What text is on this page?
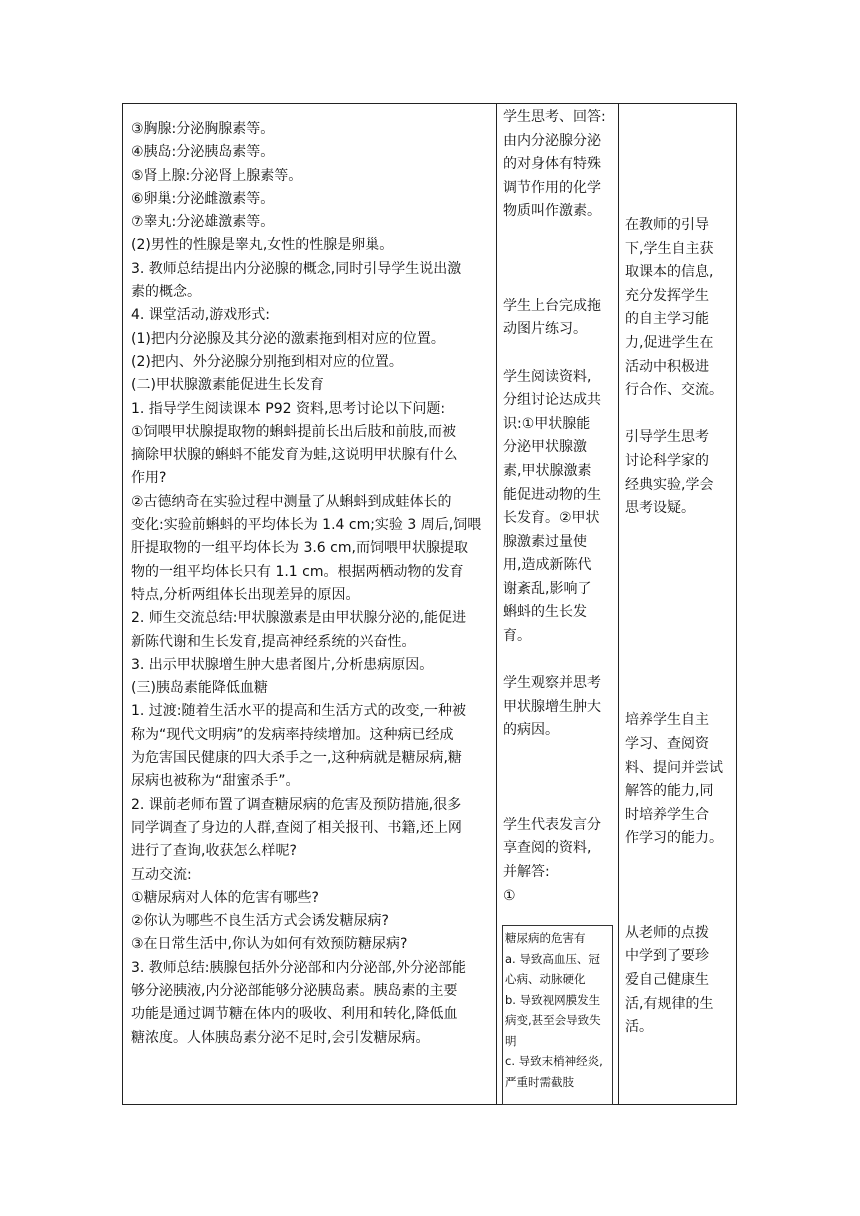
③胸腺:分泌胸腺素等。
④胰岛:分泌胰岛素等。
⑤肾上腺:分泌肾上腺素等。
⑥卵巢:分泌雌激素等。
⑦睾丸:分泌雄激素等。
(2)男性的性腺是睾丸,女性的性腺是卵巢。
3. 教师总结提出内分泌腺的概念,同时引导学生说出激
素的概念。
4. 课堂活动,游戏形式:
(1)把内分泌腺及其分泌的激素拖到相对应的位置。
(2)把内、外分泌腺分别拖到相对应的位置。
(二)甲状腺激素能促进生长发育
1. 指导学生阅读课本 P92 资料,思考讨论以下问题:
①饲喂甲状腺提取物的蝌蚪提前长出后肢和前肢,而被
摘除甲状腺的蝌蚪不能发育为蛙,这说明甲状腺有什么
作用?
②古德纳奇在实验过程中测量了从蝌蚪到成蛙体长的
变化:实验前蝌蚪的平均体长为 1.4 cm;实验 3 周后,饲喂
肝提取物的一组平均体长为 3.6 cm,而饲喂甲状腺提取
物的一组平均体长只有 1.1 cm。根据两栖动物的发育
特点,分析两组体长出现差异的原因。
2. 师生交流总结:甲状腺激素是由甲状腺分泌的,能促进
新陈代谢和生长发育,提高神经系统的兴奋性。
3. 出示甲状腺增生肿大患者图片,分析患病原因。
(三)胰岛素能降低血糖
1. 过渡:随着生活水平的提高和生活方式的改变,一种被
称为“现代文明病”的发病率持续增加。这种病已经成
为危害国民健康的四大杀手之一,这种病就是糖尿病,糖
尿病也被称为“甜蜜杀手”。
2. 课前老师布置了调查糖尿病的危害及预防措施,很多
同学调查了身边的人群,查阅了相关报刊、书籍,还上网
进行了查询,收获怎么样呢?
互动交流:
①糖尿病对人体的危害有哪些?
②你认为哪些不良生活方式会诱发糖尿病?
③在日常生活中,你认为如何有效预防糖尿病?
3. 教师总结:胰腺包括外分泌部和内分泌部,外分泌部能
够分泌胰液,内分泌部能够分泌胰岛素。胰岛素的主要
功能是通过调节糖在体内的吸收、利用和转化,降低血
糖浓度。人体胰岛素分泌不足时,会引发糖尿病。
学生思考、回答:
由内分泌腺分泌
的对身体有特殊
调节作用的化学
物质叫作激素。
学生上台完成拖
动图片练习。
学生阅读资料,
分组讨论达成共
识:①甲状腺能
分泌甲状腺激
素,甲状腺激素
能促进动物的生
长发育。②甲状
腺激素过量使
用,造成新陈代
谢紊乱,影响了
蝌蚪的生长发
育。
学生观察并思考
甲状腺增生肿大
的病因。
学生代表发言分
享查阅的资料,
并解答:
①
糖尿病的危害有
a. 导致高血压、冠
心病、动脉硬化
b. 导致视网膜发生
病变,甚至会导致失
明
c. 导致末梢神经炎,
严重时需截肢
在教师的引导
下,学生自主获
取课本的信息,
充分发挥学生
的自主学习能
力,促进学生在
活动中积极进
行合作、交流。
引导学生思考
讨论科学家的
经典实验,学会
思考设疑。
培养学生自主
学习、查阅资
料、提问并尝试
解答的能力,同
时培养学生合
作学习的能力。
从老师的点拨
中学到了要珍
爱自己健康生
活,有规律的生
活。
